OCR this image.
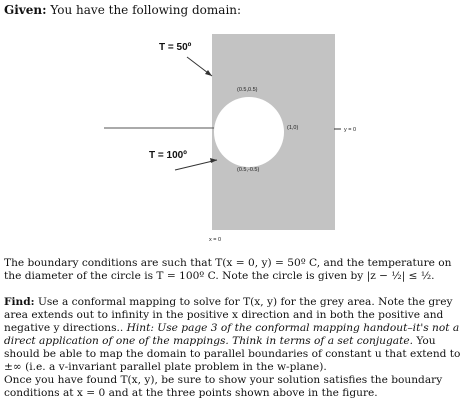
Given: You have the following domain:
T = 50º
T = 100º
(0.5,0.5)
(0.5,-0.5)
(1,0)	y = 0
x = 0

The boundary conditions are such that T(x = 0, y) = 50º C, and the temperature on the diameter of the circle is T = 100º C. Note the circle is given by |z − ½| ≤ ½.

Find: Use a conformal mapping to solve for T(x, y) for the grey area. Note the grey area extends out to infinity in the positive x direction and in both the positive and negative y directions.. Hint: Use page 3 of the conformal mapping handout–it's not a direct application of one of the mappings. Think in terms of a set conjugate. You should be able to map the domain to parallel boundaries of constant u that extend to ±∞ (i.e. a v-invariant parallel plate problem in the w-plane).

Once you have found T(x, y), be sure to show your solution satisfies the boundary conditions at x = 0 and at the three points shown above in the figure.
